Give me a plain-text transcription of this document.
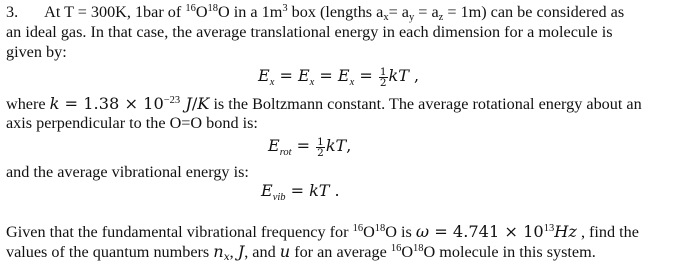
3. At T = 300K, 1bar of $^{16}O^{18}O$ in a $1m^3$ box (lengths ax= ay = az = 1m) can be considered as
an ideal gas. In that case, the average translational energy in each dimension for a molecule is
given by:
$E_x = E_x = E_x = \frac{1}{2}$ kT ,
where $k = 1.38 \times 10^{-23}$ J/K is the Boltzmann constant. The average rotational energy about an
axis perpendicular to the O=O bond is:
$E_{rot} = \frac{1}{2}$ kT,
and the average vibrational energy is:
$E_{vib}$ = kT .
Given that the fundamental vibrational frequency for $^{16}O^{18}O$ is $\omega = 4.741 \times 10^{13}Hz$ , find the
values of the quantum numbers nx, J, and u for an average $^{16}O^{18}O$ molecule in this system.
